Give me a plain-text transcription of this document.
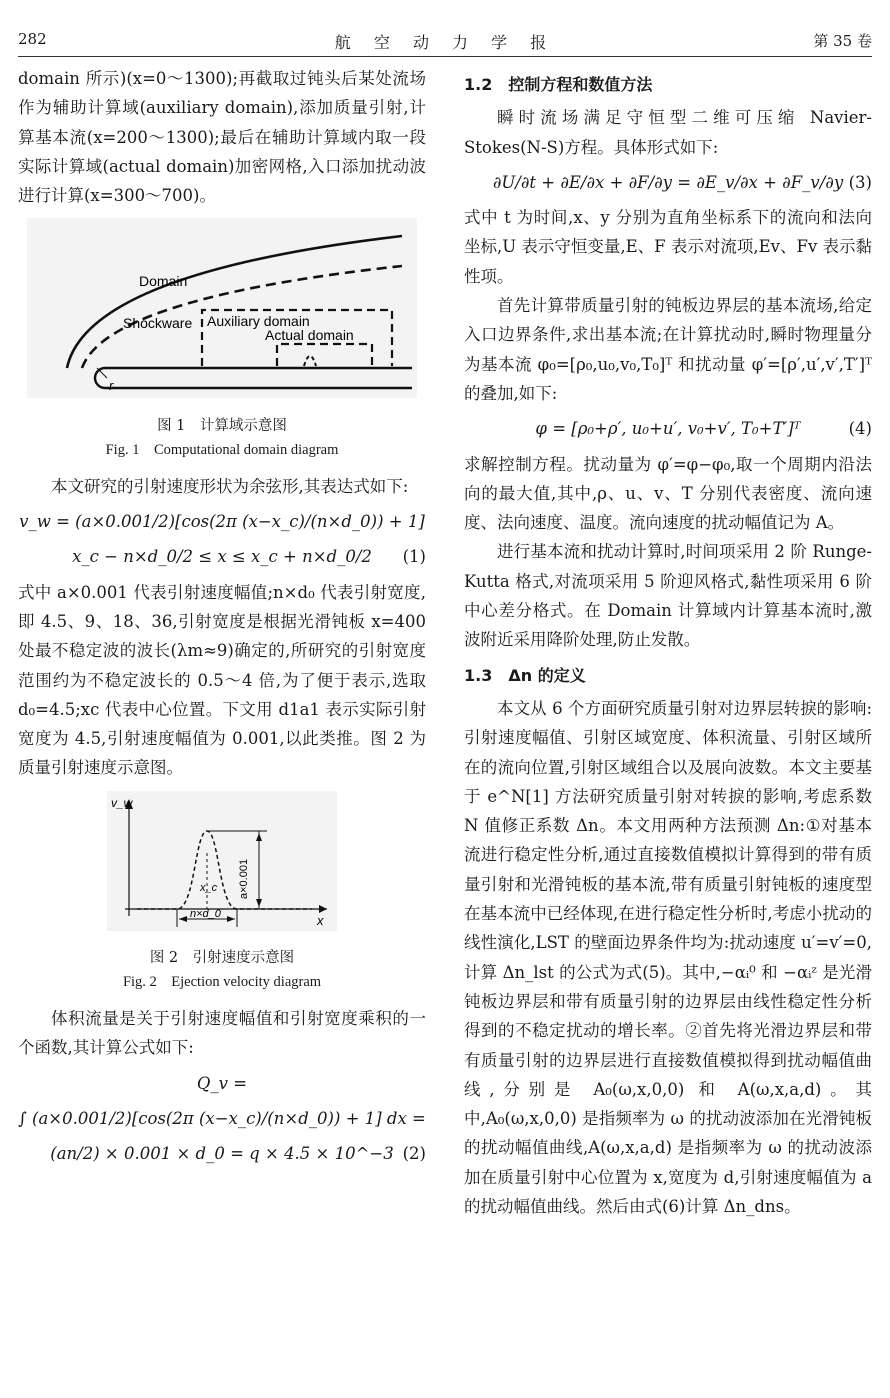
282	航 空 动 力 学 报	第 35 卷

domain 所示)(x=0～1300);再截取过钝头后某处流场作为辅助计算域(auxiliary domain),添加质量引射,计算基本流(x=200～1300);最后在辅助计算域内取一段实际计算域(actual domain)加密网格,入口添加扰动波进行计算(x=300～700)。

r
Domain
Shockware Auxiliary domain
Actual domain
图 1　计算域示意图
Fig. 1　Computational domain diagram

本文研究的引射速度形状为余弦形,其表达式如下:

v_w = (a×0.001/2)[cos(2π (x−x_c)/(n×d_0)) + 1]
x_c − n×d_0/2 ≤ x ≤ x_c + n×d_0/2 (1)

式中 a×0.001 代表引射速度幅值;n×d₀ 代表引射宽度,即 4.5、9、18、36,引射宽度是根据光滑钝板 x=400 处最不稳定波的波长(λm≈9)确定的,所研究的引射宽度范围约为不稳定波长的 0.5～4 倍,为了便于表示,选取 d₀=4.5;xc 代表中心位置。下文用 d1a1 表示实际引射宽度为 4.5,引射速度幅值为 0.001,以此类推。图 2 为质量引射速度示意图。

v_w
x
x_c
n×d_0
a×0.001
图 2　引射速度示意图
Fig. 2　Ejection velocity diagram

体积流量是关于引射速度幅值和引射宽度乘积的一个函数,其计算公式如下:

Q_v =
∫ (a×0.001/2)[cos(2π (x−x_c)/(n×d_0)) + 1] dx =
(an/2) × 0.001 × d_0 = q × 4.5 × 10^−3 (2)
1.2　控制方程和数值方法

瞬时流场满足守恒型二维可压缩 Navier-Stokes(N-S)方程。具体形式如下:

∂U/∂t + ∂E/∂x + ∂F/∂y = ∂E_v/∂x + ∂F_v/∂y (3)

式中 t 为时间,x、y 分别为直角坐标系下的流向和法向坐标,U 表示守恒变量,E、F 表示对流项,Ev、Fv 表示黏性项。

首先计算带质量引射的钝板边界层的基本流场,给定入口边界条件,求出基本流;在计算扰动时,瞬时物理量分为基本流 φ₀=[ρ₀,u₀,v₀,T₀]ᵀ 和扰动量 φ′=[ρ′,u′,v′,T′]ᵀ 的叠加,如下:

φ = [ρ₀+ρ′, u₀+u′, v₀+v′, T₀+T′]ᵀ	(4)

求解控制方程。扰动量为 φ′=φ−φ₀,取一个周期内沿法向的最大值,其中,ρ、u、v、T 分别代表密度、流向速度、法向速度、温度。流向速度的扰动幅值记为 A。

进行基本流和扰动计算时,时间项采用 2 阶 Runge-Kutta 格式,对流项采用 5 阶迎风格式,黏性项采用 6 阶中心差分格式。在 Domain 计算域内计算基本流时,激波附近采用降阶处理,防止发散。

1.3　Δn 的定义

本文从 6 个方面研究质量引射对边界层转捩的影响:引射速度幅值、引射区域宽度、体积流量、引射区域所在的流向位置,引射区域组合以及展向波数。本文主要基于 e^N[1] 方法研究质量引射对转捩的影响,考虑系数 N 值修正系数 Δn。本文用两种方法预测 Δn:①对基本流进行稳定性分析,通过直接数值模拟计算得到的带有质量引射和光滑钝板的基本流,带有质量引射钝板的速度型在基本流中已经体现,在进行稳定性分析时,考虑小扰动的线性演化,LST 的壁面边界条件均为:扰动速度 u′=v′=0,计算 Δn_lst 的公式为式(5)。其中,−αᵢ⁰ 和 −αᵢᶻ 是光滑钝板边界层和带有质量引射的边界层由线性稳定性分析得到的不稳定扰动的增长率。②首先将光滑边界层和带有质量引射的边界层进行直接数值模拟得到扰动幅值曲线,分别是 A₀(ω,x,0,0) 和 A(ω,x,a,d)。其中,A₀(ω,x,0,0) 是指频率为 ω 的扰动波添加在光滑钝板的扰动幅值曲线,A(ω,x,a,d) 是指频率为 ω 的扰动波添加在质量引射中心位置为 x,宽度为 d,引射速度幅值为 a 的扰动幅值曲线。然后由式(6)计算 Δn_dns。
